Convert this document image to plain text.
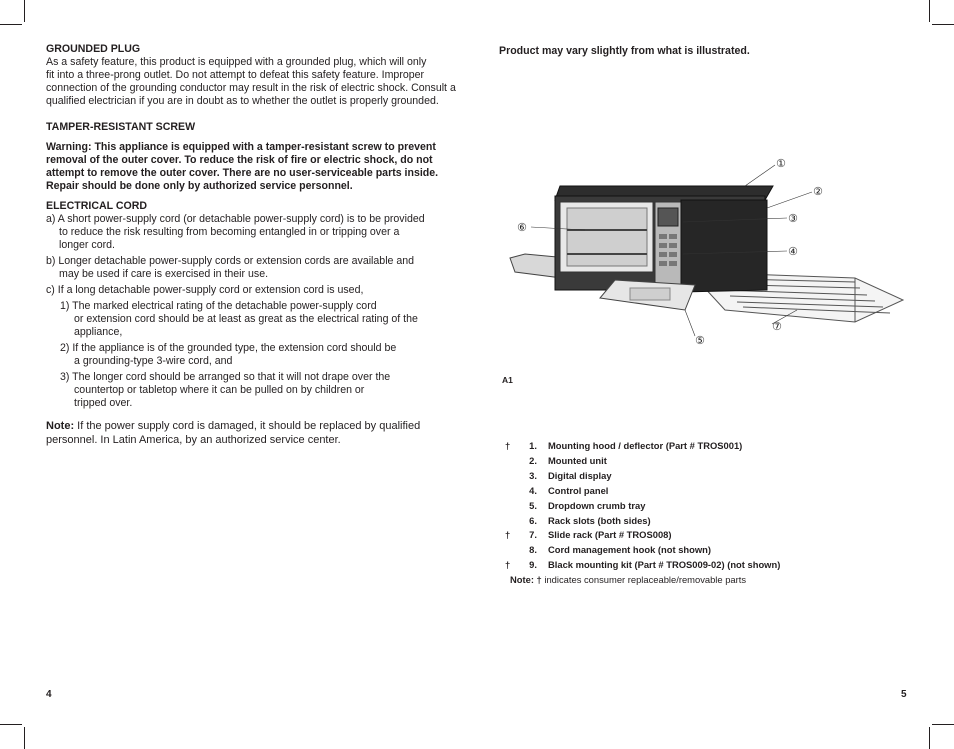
GROUNDED PLUG

As a safety feature, this product is equipped with a grounded plug, which will only

fit into a three-prong outlet. Do not attempt to defeat this safety feature. Improper

connection of the grounding conductor may result in the risk of electric shock. Consult a

qualified electrician if you are in doubt as to whether the outlet is properly grounded.

TAMPER-RESISTANT SCREW

Warning: This appliance is equipped with a tamper-resistant screw to prevent

removal of the outer cover. To reduce the risk of fire or electric shock, do not

attempt to remove the outer cover. There are no user-serviceable parts inside.

Repair should be done only by authorized service personnel.

ELECTRICAL CORD

a) A short power-supply cord (or detachable power-supply cord) is to be provided

to reduce the risk resulting from becoming entangled in or tripping over a

longer cord.

b) Longer detachable power-supply cords or extension cords are available and

may be used if care is exercised in their use.

c) If a long detachable power-supply cord or extension cord is used,

1) The marked electrical rating of the detachable power-supply cord

or extension cord should be at least as great as the electrical rating of the

appliance,

2) If the appliance is of the grounded type, the extension cord should be

a grounding-type 3-wire cord, and

3) The longer cord should be arranged so that it will not drape over the

countertop or tabletop where it can be pulled on by children or

tripped over.

Note: If the power supply cord is damaged, it should be replaced by qualified

personnel. In Latin America, by an authorized service center.

4
Product may vary slightly from what is illustrated.
①
②
③
④
⑤
⑥
⑦
A1
†	1.	Mounting hood / deflector (Part # TROS001)
2.	Mounted unit
3.	Digital display
4.	Control panel
5.	Dropdown crumb tray
6.	Rack slots (both sides)
†	7.	Slide rack (Part # TROS008)
8.	Cord management hook (not shown)
†	9.	Black mounting kit (Part # TROS009-02) (not shown)
Note: † indicates consumer replaceable/removable parts
5
